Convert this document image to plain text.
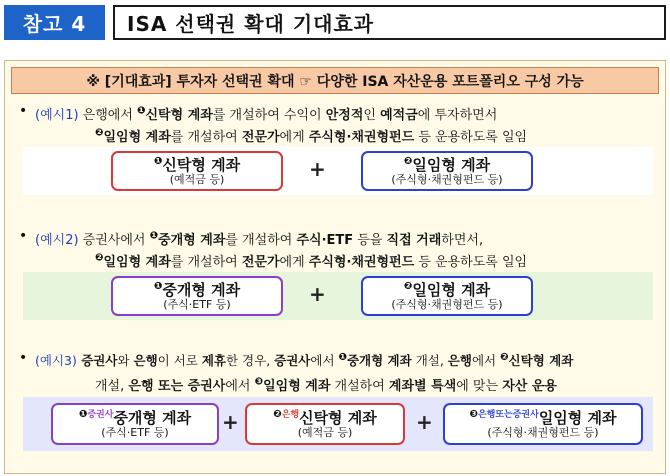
참고 4	ISA 선택권 확대 기대효과
※ [기대효과] 투자자 선택권 확대 ☞ 다양한 ISA 자산운용 포트폴리오 구성 가능
• (예시1) 은행에서 $^❶$신탁형 계좌를 개설하여 수익이 안정적인 예적금에 투자하면서
$^❷$일임형 계좌를 개설하여 전문가에게 주식형·채권형펀드 등 운용하도록 일임
$^❶$신탁형 계좌
(예적금 등)	+	$^❷$일임형 계좌
(주식형·채권형펀드 등)
• (예시2) 증권사에서 $^❶$중개형 계좌를 개설하여 주식·ETF 등을 직접 거래하면서,
$^❷$일임형 계좌를 개설하여 전문가에게 주식형·채권형펀드 등 운용하도록 일임
$^❶$중개형 계좌
(주식·ETF 등)	+	$^❷$일임형 계좌
(주식형·채권형펀드 등)
• (예시3) 증권사와 은행이 서로 제휴한 경우, 증권사에서 $^❶$중개형 계좌 개설, 은행에서 $^❷$신탁형 계좌
개설, 은행 또는 증권사에서 $^❸$일임형 계좌 개설하여 계좌별 특색에 맞는 자산 운용
$^{❶증권사}$중개형 계좌
(주식·ETF 등)	+	$^{❷은행}$신탁형 계좌
(예적금 등)	+	$^{❸은행또는증권사}$일임형 계좌
(주식형·채권형펀드 등)
